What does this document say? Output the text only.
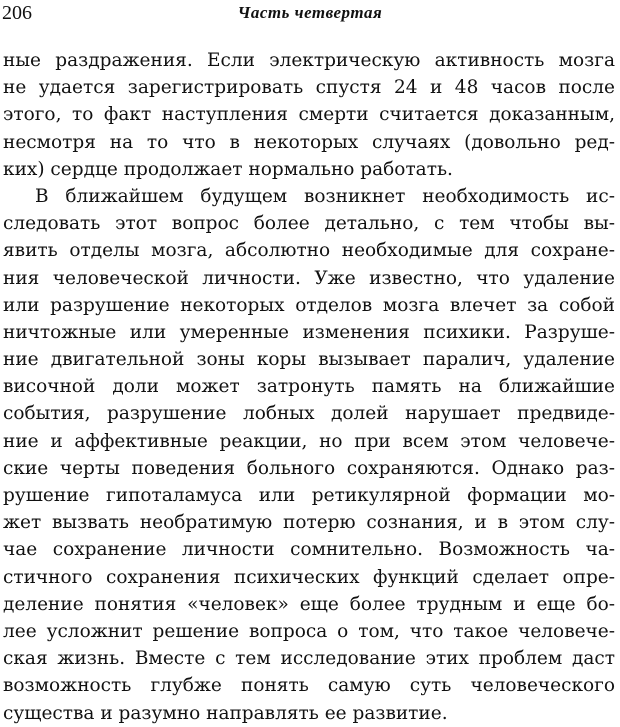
206	Часть четвертая
ные раздражения. Если электрическую активность мозга
не удается зарегистрировать спустя 24 и 48 часов после
этого, то факт наступления смерти считается доказанным,
несмотря на то что в некоторых случаях (довольно ред-
ких) сердце продолжает нормально работать.
В ближайшем будущем возникнет необходимость ис-
следовать этот вопрос более детально, с тем чтобы вы-
явить отделы мозга, абсолютно необходимые для сохране-
ния человеческой личности. Уже известно, что удаление
или разрушение некоторых отделов мозга влечет за собой
ничтожные или умеренные изменения психики. Разруше-
ние двигательной зоны коры вызывает паралич, удаление
височной доли может затронуть память на ближайшие
события, разрушение лобных долей нарушает предвиде-
ние и аффективные реакции, но при всем этом человече-
ские черты поведения больного сохраняются. Однако раз-
рушение гипоталамуса или ретикулярной формации мо-
жет вызвать необратимую потерю сознания, и в этом слу-
чае сохранение личности сомнительно. Возможность ча-
стичного сохранения психических функций сделает опре-
деление понятия «человек» еще более трудным и еще бо-
лее усложнит решение вопроса о том, что такое человече-
ская жизнь. Вместе с тем исследование этих проблем даст
возможность глубже понять самую суть человеческого
существа и разумно направлять ее развитие.
